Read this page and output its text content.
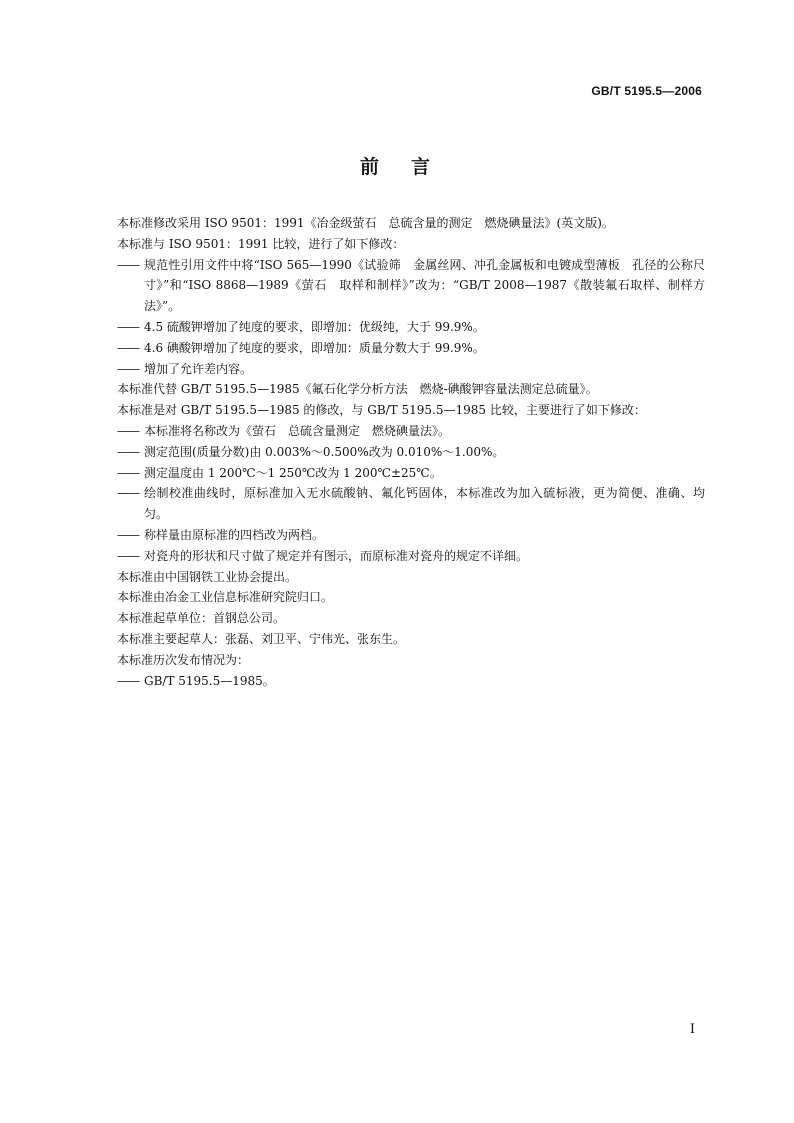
GB/T 5195.5—2006
前 言

本标准修改采用 ISO 9501：1991《冶金级萤石　总硫含量的测定　燃烧碘量法》(英文版)。

本标准与 ISO 9501：1991 比较，进行了如下修改：

—— 规范性引用文件中将“ISO 565—1990《试验筛　金属丝网、冲孔金属板和电镀成型薄板　孔径的公称尺寸》”和“ISO 8868—1989《萤石　取样和制样》”改为：“GB/T 2008—1987《散装氟石取样、制样方法》”。

—— 4.5 硫酸钾增加了纯度的要求，即增加：优级纯，大于 99.9%。

—— 4.6 碘酸钾增加了纯度的要求，即增加：质量分数大于 99.9%。

—— 增加了允许差内容。

本标准代替 GB/T 5195.5—1985《氟石化学分析方法　燃烧-碘酸钾容量法测定总硫量》。

本标准是对 GB/T 5195.5—1985 的修改，与 GB/T 5195.5—1985 比较，主要进行了如下修改：

—— 本标准将名称改为《萤石　总硫含量测定　燃烧碘量法》。

—— 测定范围(质量分数)由 0.003%～0.500%改为 0.010%～1.00%。

—— 测定温度由 1 200℃～1 250℃改为 1 200℃±25℃。

—— 绘制校准曲线时，原标准加入无水硫酸钠、氟化钙固体，本标准改为加入硫标液，更为简便、准确、均匀。

—— 称样量由原标准的四档改为两档。

—— 对瓷舟的形状和尺寸做了规定并有图示，而原标准对瓷舟的规定不详细。

本标准由中国钢铁工业协会提出。

本标准由冶金工业信息标准研究院归口。

本标准起草单位：首钢总公司。

本标准主要起草人：张磊、刘卫平、宁伟光、张东生。

本标准历次发布情况为：

—— GB/T 5195.5—1985。

I
